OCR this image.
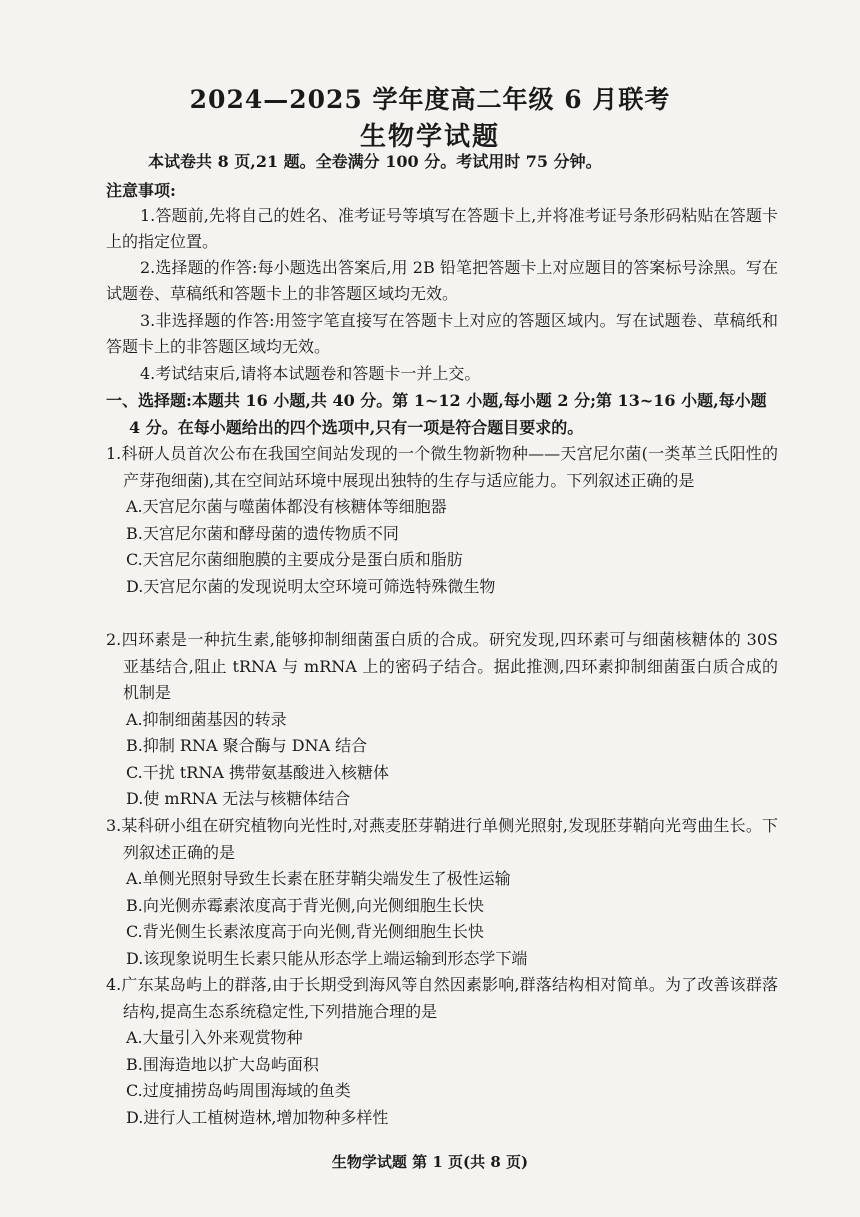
2024—2025 学年度高二年级 6 月联考
生物学试题
本试卷共 8 页,21 题。全卷满分 100 分。考试用时 75 分钟。
注意事项:
1.答题前,先将自己的姓名、准考证号等填写在答题卡上,并将准考证号条形码粘贴在答题卡上的指定位置。
2.选择题的作答:每小题选出答案后,用 2B 铅笔把答题卡上对应题目的答案标号涂黑。写在试题卷、草稿纸和答题卡上的非答题区域均无效。
3.非选择题的作答:用签字笔直接写在答题卡上对应的答题区域内。写在试题卷、草稿纸和答题卡上的非答题区域均无效。
4.考试结束后,请将本试题卷和答题卡一并上交。
一、选择题:本题共 16 小题,共 40 分。第 1~12 小题,每小题 2 分;第 13~16 小题,每小题
4 分。在每小题给出的四个选项中,只有一项是符合题目要求的。
1.科研人员首次公布在我国空间站发现的一个微生物新物种——天宫尼尔菌(一类革兰氏阳性的产芽孢细菌),其在空间站环境中展现出独特的生存与适应能力。下列叙述正确的是
A.天宫尼尔菌与噬菌体都没有核糖体等细胞器
B.天宫尼尔菌和酵母菌的遗传物质不同
C.天宫尼尔菌细胞膜的主要成分是蛋白质和脂肪
D.天宫尼尔菌的发现说明太空环境可筛选特殊微生物
2.四环素是一种抗生素,能够抑制细菌蛋白质的合成。研究发现,四环素可与细菌核糖体的 30S 亚基结合,阻止 tRNA 与 mRNA 上的密码子结合。据此推测,四环素抑制细菌蛋白质合成的机制是
A.抑制细菌基因的转录
B.抑制 RNA 聚合酶与 DNA 结合
C.干扰 tRNA 携带氨基酸进入核糖体
D.使 mRNA 无法与核糖体结合
3.某科研小组在研究植物向光性时,对燕麦胚芽鞘进行单侧光照射,发现胚芽鞘向光弯曲生长。下列叙述正确的是
A.单侧光照射导致生长素在胚芽鞘尖端发生了极性运输
B.向光侧赤霉素浓度高于背光侧,向光侧细胞生长快
C.背光侧生长素浓度高于向光侧,背光侧细胞生长快
D.该现象说明生长素只能从形态学上端运输到形态学下端
4.广东某岛屿上的群落,由于长期受到海风等自然因素影响,群落结构相对简单。为了改善该群落结构,提高生态系统稳定性,下列措施合理的是
A.大量引入外来观赏物种
B.围海造地以扩大岛屿面积
C.过度捕捞岛屿周围海域的鱼类
D.进行人工植树造林,增加物种多样性
生物学试题 第 1 页(共 8 页)
